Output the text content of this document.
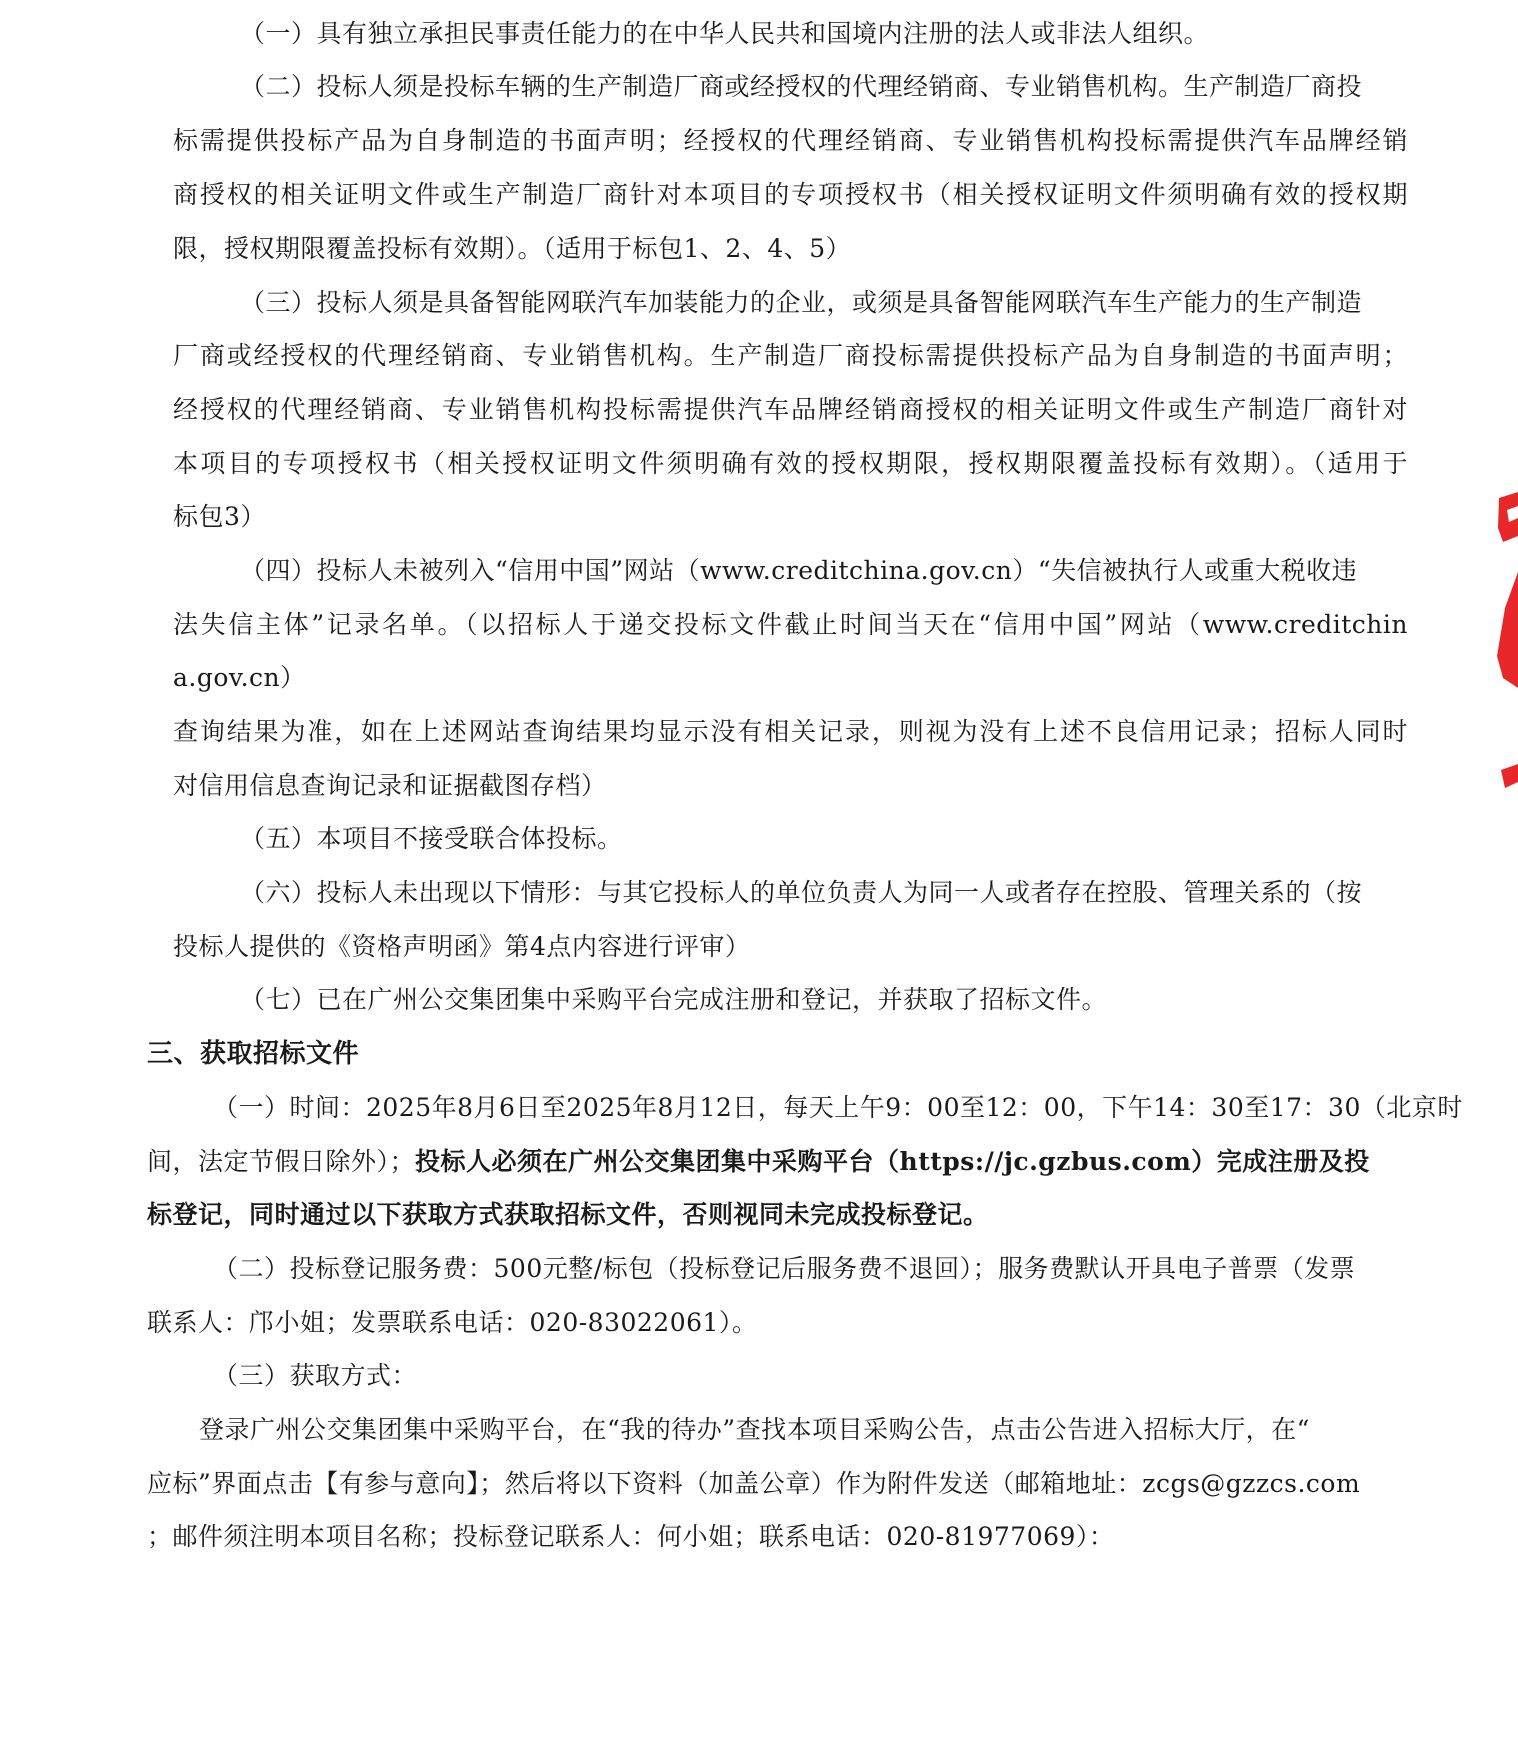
（一）具有独立承担民事责任能力的在中华人民共和国境内注册的法人或非法人组织。

（二）投标人须是投标车辆的生产制造厂商或经授权的代理经销商、专业销售机构。生产制造厂商投

标需提供投标产品为自身制造的书面声明；经授权的代理经销商、专业销售机构投标需提供汽车品牌经销

商授权的相关证明文件或生产制造厂商针对本项目的专项授权书（相关授权证明文件须明确有效的授权期

限，授权期限覆盖投标有效期）。（适用于标包1、2、4、5）

（三）投标人须是具备智能网联汽车加装能力的企业，或须是具备智能网联汽车生产能力的生产制造

厂商或经授权的代理经销商、专业销售机构。生产制造厂商投标需提供投标产品为自身制造的书面声明；

经授权的代理经销商、专业销售机构投标需提供汽车品牌经销商授权的相关证明文件或生产制造厂商针对

本项目的专项授权书（相关授权证明文件须明确有效的授权期限，授权期限覆盖投标有效期）。（适用于

标包3）

（四）投标人未被列入“信用中国”网站（www.creditchina.gov.cn）“失信被执行人或重大税收违

法失信主体”记录名单。（以招标人于递交投标文件截止时间当天在“信用中国”网站（www.creditchin

a.gov.cn）

查询结果为准，如在上述网站查询结果均显示没有相关记录，则视为没有上述不良信用记录；招标人同时

对信用信息查询记录和证据截图存档）

（五）本项目不接受联合体投标。

（六）投标人未出现以下情形：与其它投标人的单位负责人为同一人或者存在控股、管理关系的（按

投标人提供的《资格声明函》第4点内容进行评审）

（七）已在广州公交集团集中采购平台完成注册和登记，并获取了招标文件。

三、获取招标文件

（一）时间：2025年8月6日至2025年8月12日，每天上午9：00至12：00，下午14：30至17：30（北京时

间，法定节假日除外）；投标人必须在广州公交集团集中采购平台（https://jc.gzbus.com）完成注册及投

标登记，同时通过以下获取方式获取招标文件，否则视同未完成投标登记。

（二）投标登记服务费：500元整/标包（投标登记后服务费不退回）；服务费默认开具电子普票（发票

联系人：邝小姐；发票联系电话：020-83022061）。

（三）获取方式：

登录广州公交集团集中采购平台，在“我的待办”查找本项目采购公告，点击公告进入招标大厅，在“

应标”界面点击【有参与意向】；然后将以下资料（加盖公章）作为附件发送（邮箱地址：zcgs@gzzcs.com

；邮件须注明本项目名称；投标登记联系人：何小姐；联系电话：020-81977069）：
